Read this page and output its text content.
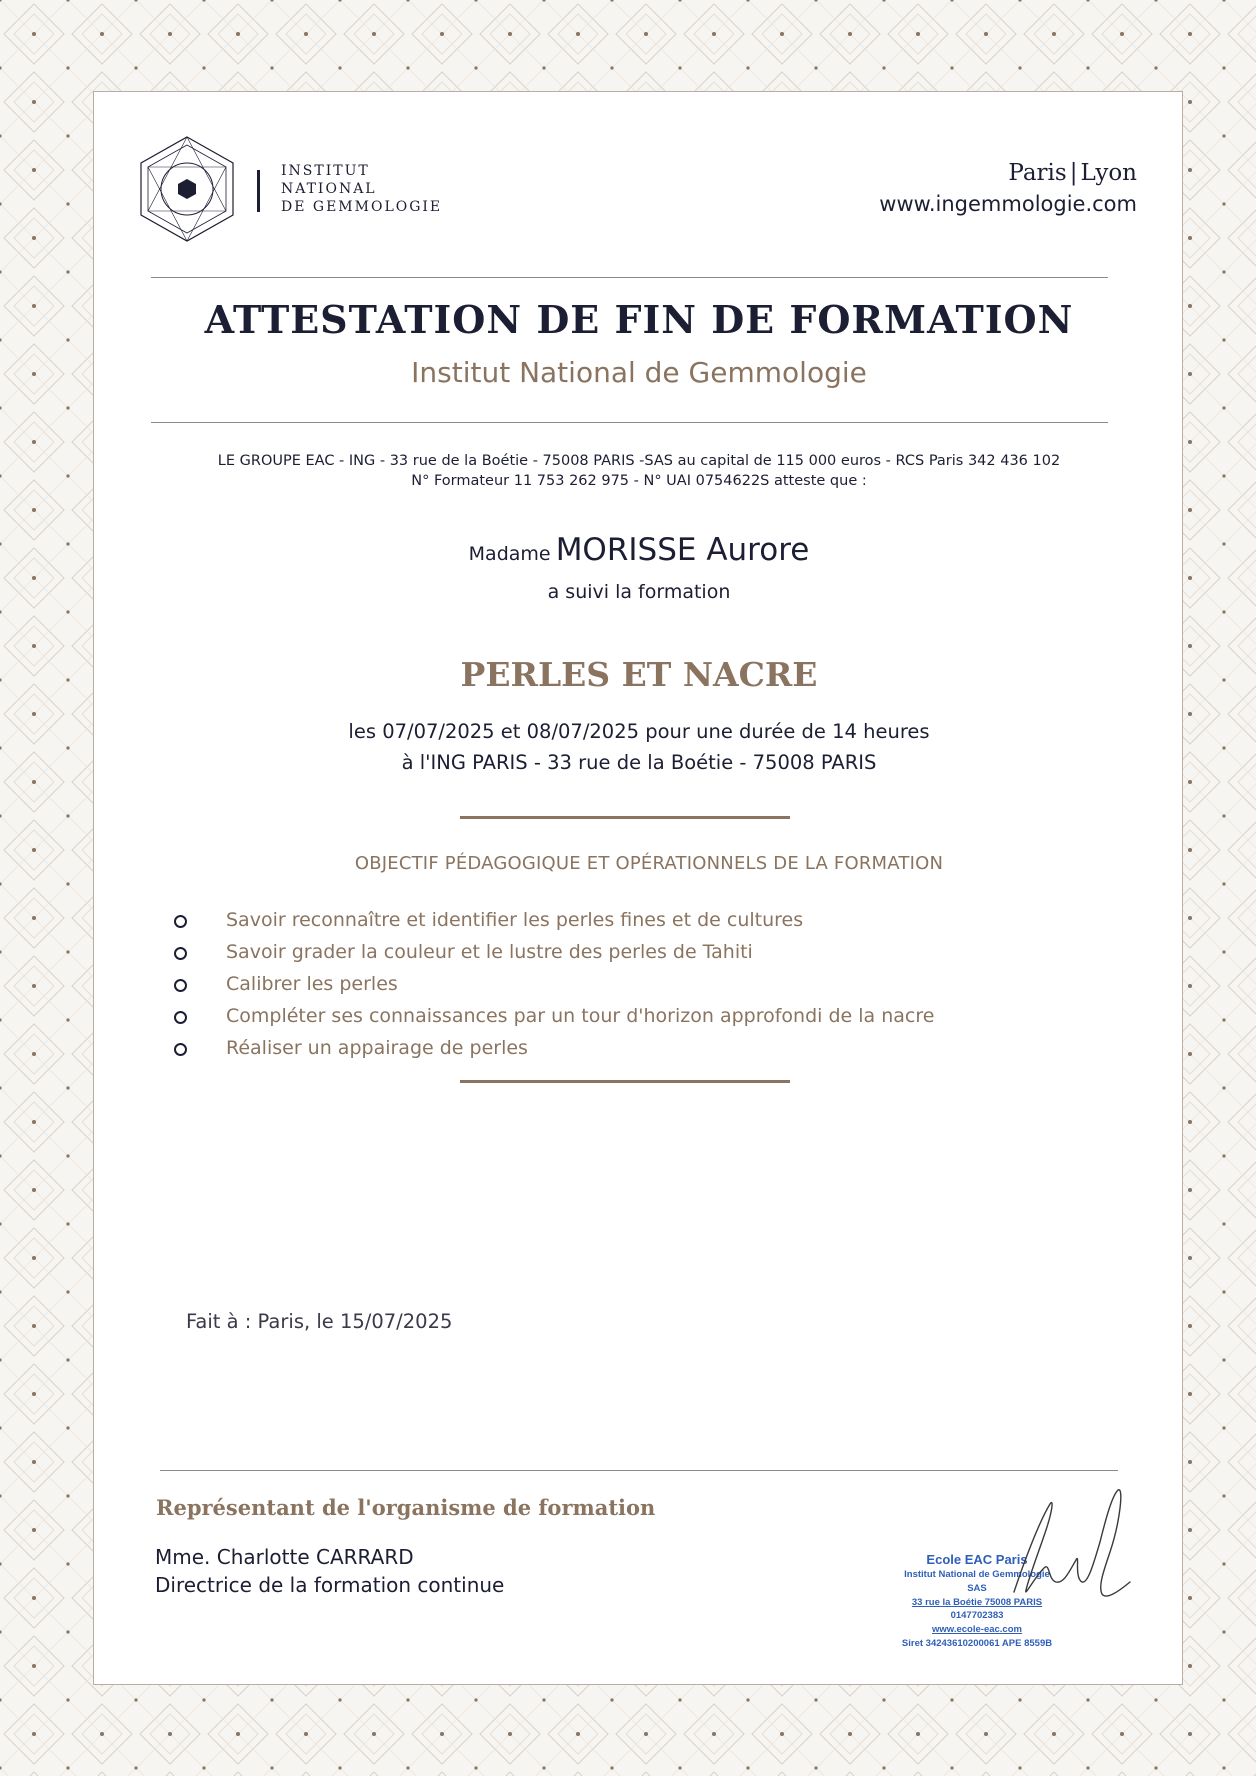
INSTITUT
NATIONAL
DE GEMMOLOGIE
Paris | Lyon
www.ingemmologie.com
ATTESTATION DE FIN DE FORMATION
Institut National de Gemmologie
LE GROUPE EAC - ING - 33 rue de la Boétie - 75008 PARIS -SAS au capital de 115 000 euros - RCS Paris 342 436 102
N° Formateur 11 753 262 975 - N° UAI 0754622S atteste que :
Madame MORISSE Aurore
a suivi la formation
PERLES ET NACRE
les 07/07/2025 et 08/07/2025 pour une durée de 14 heures
à l'ING PARIS - 33 rue de la Boétie - 75008 PARIS
OBJECTIF PÉDAGOGIQUE ET OPÉRATIONNELS DE LA FORMATION
Savoir reconnaître et identifier les perles fines et de cultures
Savoir grader la couleur et le lustre des perles de Tahiti
Calibrer les perles
Compléter ses connaissances par un tour d'horizon approfondi de la nacre
Réaliser un appairage de perles
Fait à : Paris, le 15/07/2025
Représentant de l'organisme de formation
Mme. Charlotte CARRARD
Directrice de la formation continue
Ecole EAC Paris
Institut National de Gemmologie
SAS
33 rue la Boétie 75008 PARIS
0147702383
www.ecole-eac.com
Siret 34243610200061 APE 8559B
